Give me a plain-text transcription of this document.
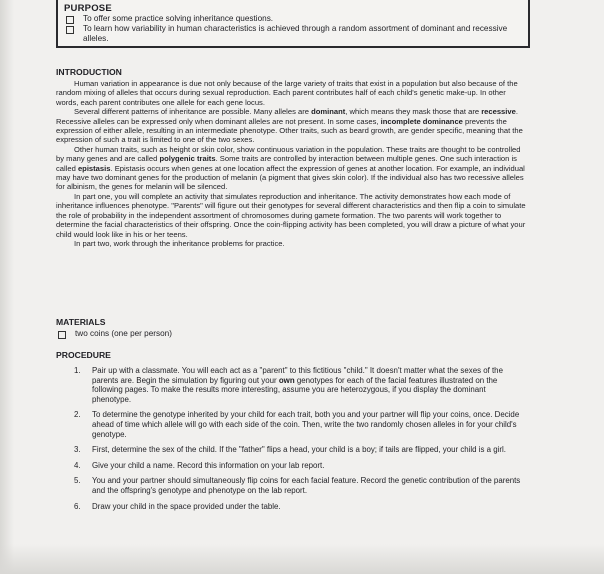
PURPOSE
To offer some practice solving inheritance questions.
To learn how variability in human characteristics is achieved through a random assortment of dominant and recessive alleles.
INTRODUCTION

Human variation in appearance is due not only because of the large variety of traits that exist in a population but also because of the random mixing of alleles that occurs during sexual reproduction. Each parent contributes half of each child's genetic make-up. In other words, each parent contributes one allele for each gene locus.

Several different patterns of inheritance are possible. Many alleles are dominant, which means they mask those that are recessive. Recessive alleles can be expressed only when dominant alleles are not present. In some cases, incomplete dominance prevents the expression of either allele, resulting in an intermediate phenotype. Other traits, such as beard growth, are gender specific, meaning that the expression of such a trait is limited to one of the two sexes.

Other human traits, such as height or skin color, show continuous variation in the population. These traits are thought to be controlled by many genes and are called polygenic traits. Some traits are controlled by interaction between multiple genes. One such interaction is called epistasis. Epistasis occurs when genes at one location affect the expression of genes at another location. For example, an individual may have two dominant genes for the production of melanin (a pigment that gives skin color). If the individual also has two recessive alleles for albinism, the genes for melanin will be silenced.

In part one, you will complete an activity that simulates reproduction and inheritance. The activity demonstrates how each mode of inheritance influences phenotype. "Parents" will figure out their genotypes for several different characteristics and then flip a coin to simulate the role of probability in the independent assortment of chromosomes during gamete formation. The two parents will work together to determine the facial characteristics of their offspring. Once the coin-flipping activity has been completed, you will draw a picture of what your child would look like in his or her teens.

In part two, work through the inheritance problems for practice.

MATERIALS
two coins (one per person)
PROCEDURE
1.	Pair up with a classmate. You will each act as a "parent" to this fictitious "child." It doesn't matter what the sexes of the parents are. Begin the simulation by figuring out your own genotypes for each of the facial features illustrated on the following pages. To make the results more interesting, assume you are heterozygous, if you display the dominant phenotype.
2.	To determine the genotype inherited by your child for each trait, both you and your partner will flip your coins, once. Decide ahead of time which allele will go with each side of the coin. Then, write the two randomly chosen alleles in for your child's genotype.
3.	First, determine the sex of the child. If the "father" flips a head, your child is a boy; if tails are flipped, your child is a girl.
4.	Give your child a name. Record this information on your lab report.
5.	You and your partner should simultaneously flip coins for each facial feature. Record the genetic contribution of the parents and the offspring's genotype and phenotype on the lab report.
6.	Draw your child in the space provided under the table.
